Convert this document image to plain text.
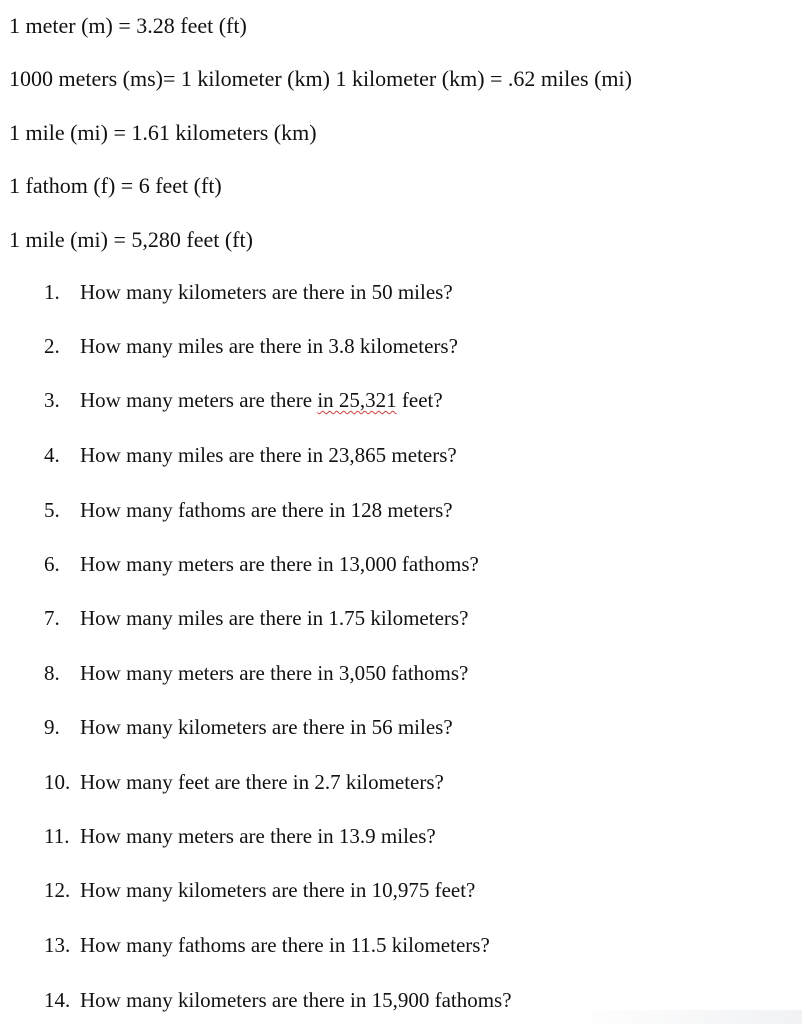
1 meter (m) = 3.28 feet (ft)
1000 meters (ms)= 1 kilometer (km) 1 kilometer (km) = .62 miles (mi)
1 mile (mi) = 1.61 kilometers (km)
1 fathom (f) = 6 feet (ft)
1 mile (mi) = 5,280 feet (ft)
1. How many kilometers are there in 50 miles?
2. How many miles are there in 3.8 kilometers?
3. How many meters are there in 25,321 feet?
4. How many miles are there in 23,865 meters?
5. How many fathoms are there in 128 meters?
6. How many meters are there in 13,000 fathoms?
7. How many miles are there in 1.75 kilometers?
8. How many meters are there in 3,050 fathoms?
9. How many kilometers are there in 56 miles?
10. How many feet are there in 2.7 kilometers?
11. How many meters are there in 13.9 miles?
12. How many kilometers are there in 10,975 feet?
13. How many fathoms are there in 11.5 kilometers?
14. How many kilometers are there in 15,900 fathoms?
